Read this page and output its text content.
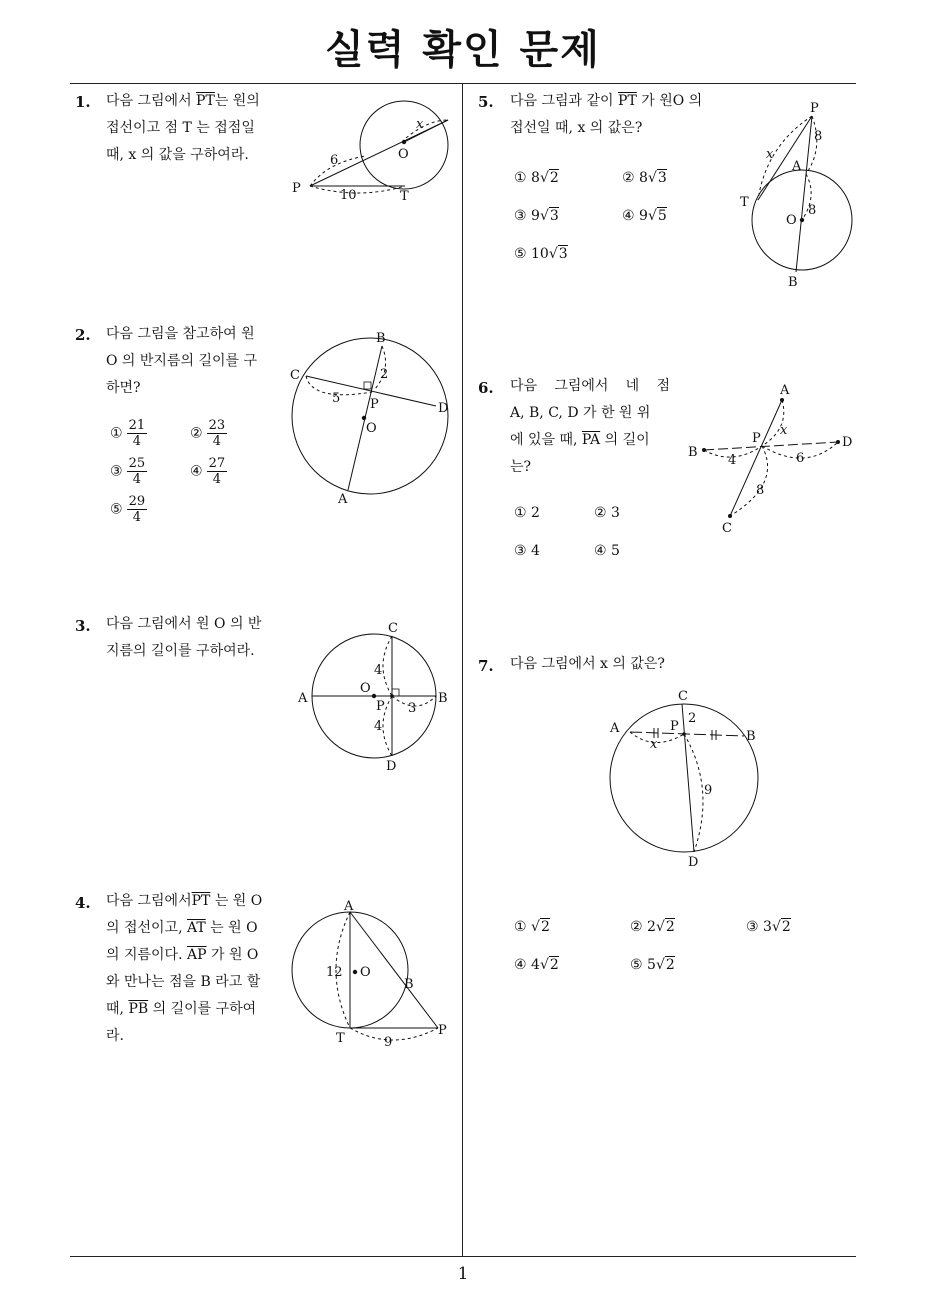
실력 확인 문제
1. 다음 그림에서 $\overline{PT}$는 원의
접선이고 점 T 는 접점일
때, x 의 값을 구하여라.
x
O
6
P	10	T
2. 다음 그림을 참고하여 원
O 의 반지름의 길이를 구
하면?
① $\frac{21}{4}$	② $\frac{23}{4}$
③ $\frac{25}{4}$	④ $\frac{27}{4}$
⑤ $\frac{29}{4}$
B
C	2
5 P	D
O
A
3. 다음 그림에서 원 O 의 반
지름의 길이를 구하여라.
C
4
A
O
B
P 3
4
D
4. 다음 그림에서$\overline{PT}$ 는 원 O
의 접선이고, $\overline{AT}$ 는 원 O
의 지름이다. $\overline{AP}$ 가 원 O
와 만나는 점을 B 라고 할
때, $\overline{PB}$ 의 길이를 구하여
라.
A
12 O
B
T
P
9
5. 다음 그림과 같이 $\overline{PT}$ 가 원O 의
접선일 때, x 의 값은?
① 8√2	② 8√3
③ 9√3	④ 9√5
⑤ 10√3
P
8
x
A
T
O
8
B
6. 다음 그림에서 네 점
A, B, C, D 가 한 원 위
에 있을 때, $\overline{PA}$ 의 길이
는?
① 2	② 3
③ 4	④ 5
A
P
x
B
4	6
D
8
C
7. 다음 그림에서 x 의 값은?
C
A	P
2
x
B
9
D
① √2	② 2√2	③ 3√2
④ 4√2	⑤ 5√2
1
